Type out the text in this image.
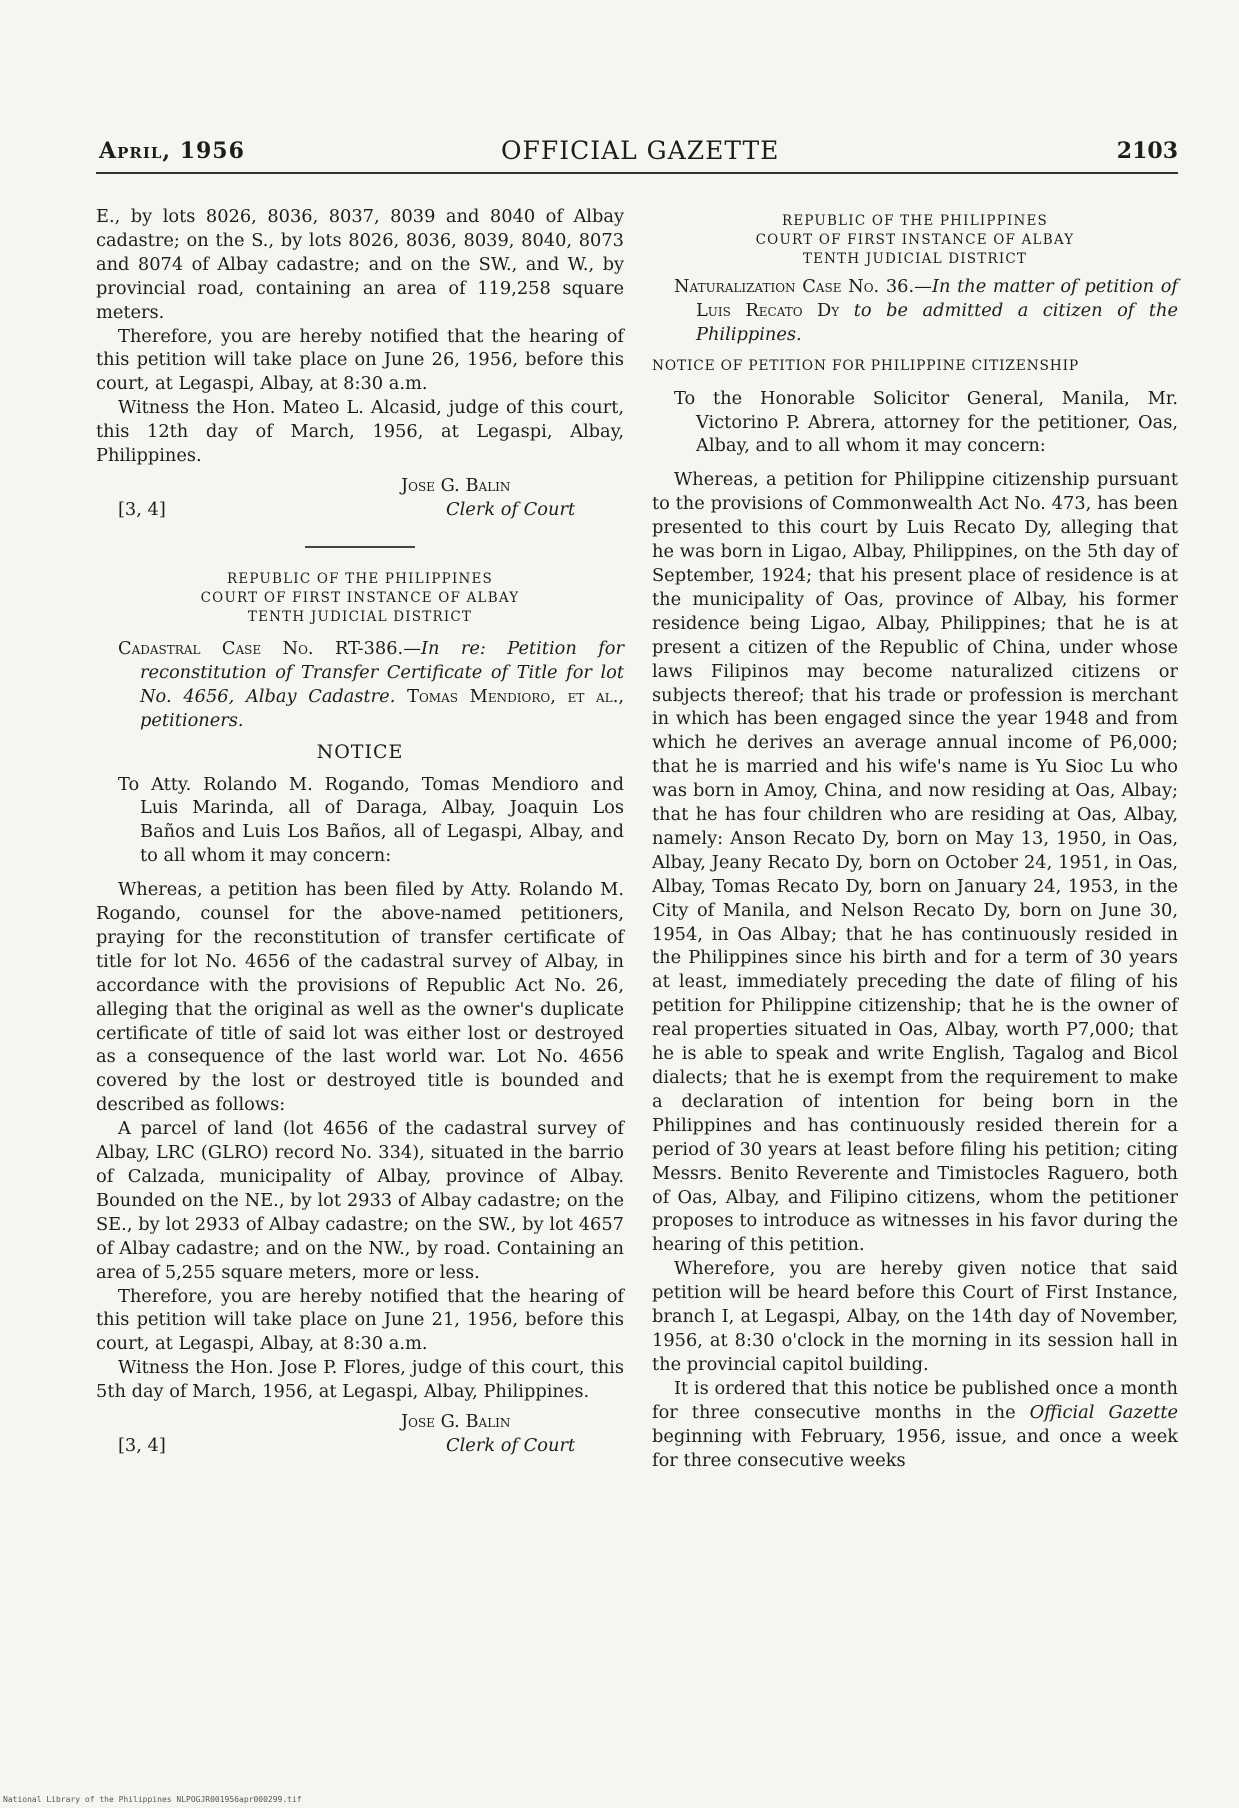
April, 1956	OFFICIAL GAZETTE	2103

E., by lots 8026, 8036, 8037, 8039 and 8040 of Albay cadastre; on the S., by lots 8026, 8036, 8039, 8040, 8073 and 8074 of Albay cadastre; and on the SW., and W., by provincial road, containing an area of 119,258 square meters.

Therefore, you are hereby notified that the hearing of this petition will take place on June 26, 1956, before this court, at Legaspi, Albay, at 8:30 a.m.

Witness the Hon. Mateo L. Alcasid, judge of this court, this 12th day of March, 1956, at Legaspi, Albay, Philippines.

Jose G. Balin
[3, 4]	Clerk of Court
REPUBLIC OF THE PHILIPPINES
COURT OF FIRST INSTANCE OF ALBAY
TENTH JUDICIAL DISTRICT

Cadastral Case No. RT-386.—In re: Petition for reconstitution of Transfer Certificate of Title for lot No. 4656, Albay Cadastre. Tomas Mendioro, et al., petitioners.

NOTICE

To Atty. Rolando M. Rogando, Tomas Mendioro and Luis Marinda, all of Daraga, Albay, Joaquin Los Baños and Luis Los Baños, all of Legaspi, Albay, and to all whom it may concern:

Whereas, a petition has been filed by Atty. Rolando M. Rogando, counsel for the above-named petitioners, praying for the reconstitution of transfer certificate of title for lot No. 4656 of the cadastral survey of Albay, in accordance with the provisions of Republic Act No. 26, alleging that the original as well as the owner's duplicate certificate of title of said lot was either lost or destroyed as a consequence of the last world war. Lot No. 4656 covered by the lost or destroyed title is bounded and described as follows:

A parcel of land (lot 4656 of the cadastral survey of Albay, LRC (GLRO) record No. 334), situated in the barrio of Calzada, municipality of Albay, province of Albay. Bounded on the NE., by lot 2933 of Albay cadastre; on the SE., by lot 2933 of Albay cadastre; on the SW., by lot 4657 of Albay cadastre; and on the NW., by road. Containing an area of 5,255 square meters, more or less.

Therefore, you are hereby notified that the hearing of this petition will take place on June 21, 1956, before this court, at Legaspi, Albay, at 8:30 a.m.

Witness the Hon. Jose P. Flores, judge of this court, this 5th day of March, 1956, at Legaspi, Albay, Philippines.

Jose G. Balin
[3, 4]	Clerk of Court
REPUBLIC OF THE PHILIPPINES
COURT OF FIRST INSTANCE OF ALBAY
TENTH JUDICIAL DISTRICT

Naturalization Case No. 36.—In the matter of petition of Luis Recato Dy to be admitted a citizen of the Philippines.

NOTICE OF PETITION FOR PHILIPPINE CITIZENSHIP

To the Honorable Solicitor General, Manila, Mr. Victorino P. Abrera, attorney for the petitioner, Oas, Albay, and to all whom it may concern:

Whereas, a petition for Philippine citizenship pursuant to the provisions of Commonwealth Act No. 473, has been presented to this court by Luis Recato Dy, alleging that he was born in Ligao, Albay, Philippines, on the 5th day of September, 1924; that his present place of residence is at the municipality of Oas, province of Albay, his former residence being Ligao, Albay, Philippines; that he is at present a citizen of the Republic of China, under whose laws Filipinos may become naturalized citizens or subjects thereof; that his trade or profession is merchant in which has been engaged since the year 1948 and from which he derives an average annual income of P6,000; that he is married and his wife's name is Yu Sioc Lu who was born in Amoy, China, and now residing at Oas, Albay; that he has four children who are residing at Oas, Albay, namely: Anson Recato Dy, born on May 13, 1950, in Oas, Albay, Jeany Recato Dy, born on October 24, 1951, in Oas, Albay, Tomas Recato Dy, born on January 24, 1953, in the City of Manila, and Nelson Recato Dy, born on June 30, 1954, in Oas Albay; that he has continuously resided in the Philippines since his birth and for a term of 30 years at least, immediately preceding the date of filing of his petition for Philippine citizenship; that he is the owner of real properties situated in Oas, Albay, worth P7,000; that he is able to speak and write English, Tagalog and Bicol dialects; that he is exempt from the requirement to make a declaration of intention for being born in the Philippines and has continuously resided therein for a period of 30 years at least before filing his petition; citing Messrs. Benito Reverente and Timistocles Raguero, both of Oas, Albay, and Filipino citizens, whom the petitioner proposes to introduce as witnesses in his favor during the hearing of this petition.

Wherefore, you are hereby given notice that said petition will be heard before this Court of First Instance, branch I, at Legaspi, Albay, on the 14th day of November, 1956, at 8:30 o'clock in the morning in its session hall in the provincial capitol building.

It is ordered that this notice be published once a month for three consecutive months in the Official Gazette beginning with February, 1956, issue, and once a week for three consecutive weeks

National Library of the Philippines NLPOGJR001956apr000299.tif
